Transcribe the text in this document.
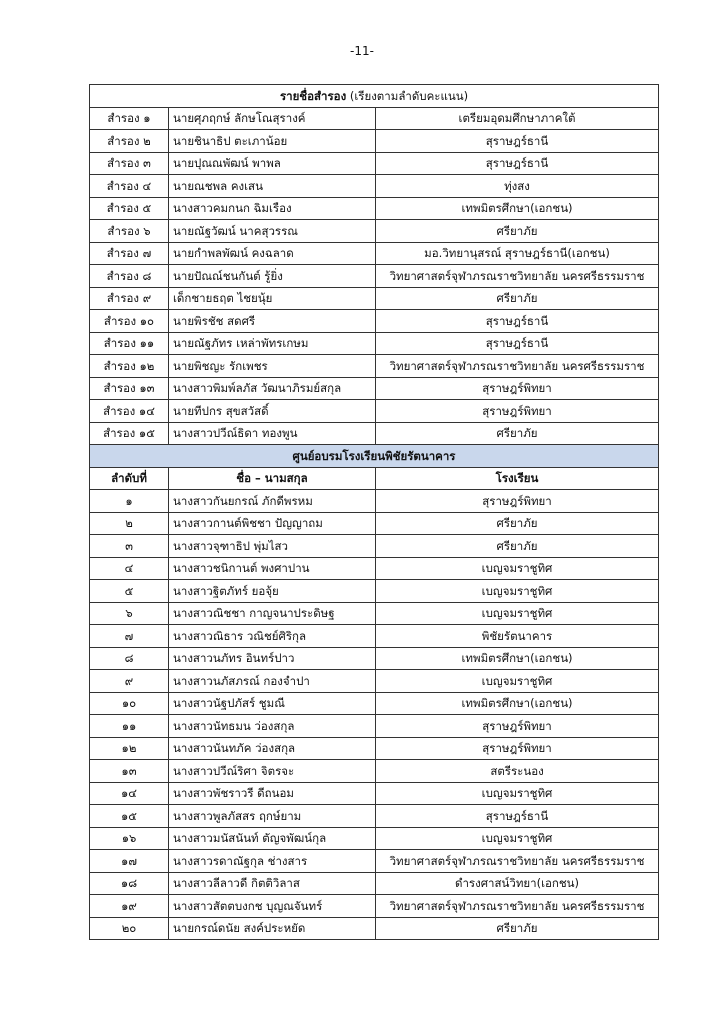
-11-
รายชื่อสำรอง (เรียงตามลำดับคะแนน)		
สำรอง ๑	นายศุภฤกษ์ ลักษโณสุรางค์	เตรียมอุดมศึกษาภาคใต้
สำรอง ๒	นายชินาธิป ตะเภาน้อย	สุราษฎร์ธานี
สำรอง ๓	นายปุณณพัฒน์ พาพล	สุราษฎร์ธานี
สำรอง ๔	นายณชพล คงเสน	ทุ่งสง
สำรอง ๕	นางสาวคมกนก ฉิมเรือง	เทพมิตรศึกษา(เอกชน)
สำรอง ๖	นายณัฐวัฒน์ นาคสุวรรณ	ศรียาภัย
สำรอง ๗	นายกำพลพัฒน์ คงฉลาด	มอ.วิทยานุสรณ์ สุราษฎร์ธานี(เอกชน)
สำรอง ๘	นายปัณณ์ชนกันต์ รู้ยิ่ง	วิทยาศาสตร์จุฬาภรณราชวิทยาลัย นครศรีธรรมราช
สำรอง ๙	เด็กชายธฤต ไชยนุ้ย	ศรียาภัย
สำรอง ๑๐	นายพิรชัช สดศรี	สุราษฎร์ธานี
สำรอง ๑๑	นายณัฐภัทร เหล่าพัทรเกษม	สุราษฎร์ธานี
สำรอง ๑๒	นายพิชญะ รักเพชร	วิทยาศาสตร์จุฬาภรณราชวิทยาลัย นครศรีธรรมราช
สำรอง ๑๓	นางสาวพิมพ์ลภัส วัฒนาภิรมย์สกุล	สุราษฎร์พิทยา
สำรอง ๑๔	นายทีปกร สุขสวัสดิ์	สุราษฎร์พิทยา
สำรอง ๑๕	นางสาวปวีณ์ธิดา ทองพูน	ศรียาภัย
ศูนย์อบรมโรงเรียนพิชัยรัตนาคาร		
ลำดับที่	ชื่อ – นามสกุล	โรงเรียน
๑	นางสาวกันยกรณ์ ภักดีพรหม	สุราษฎร์พิทยา
๒	นางสาวกานต์พิชชา ปัญญาถม	ศรียาภัย
๓	นางสาวจุฑาธิป พุ่มไสว	ศรียาภัย
๔	นางสาวชนิกานต์ พงศาปาน	เบญจมราชูทิศ
๕	นางสาวฐิตภัทร์ ยอจุ้ย	เบญจมราชูทิศ
๖	นางสาวณิชชา กาญจนาประดิษฐ	เบญจมราชูทิศ
๗	นางสาวณิธาร วณิชย์ศิริกุล	พิชัยรัตนาคาร
๘	นางสาวนภัทร อินทร์ปาว	เทพมิตรศึกษา(เอกชน)
๙	นางสาวนภัสภรณ์ กองจำปา	เบญจมราชูทิศ
๑๐	นางสาวนัฐปภัสร์ ชูมณี	เทพมิตรศึกษา(เอกชน)
๑๑	นางสาวนัทธมน ว่องสกุล	สุราษฎร์พิทยา
๑๒	นางสาวนันทภัค ว่องสกุล	สุราษฎร์พิทยา
๑๓	นางสาวปวีณ์ริศา จิตรจะ	สตรีระนอง
๑๔	นางสาวพัชราวรี ดีถนอม	เบญจมราชูทิศ
๑๕	นางสาวพูลภัสสร ฤกษ์ยาม	สุราษฎร์ธานี
๑๖	นางสาวมนัสนันท์ ตัญจพัฒน์กุล	เบญจมราชูทิศ
๑๗	นางสาวรดาณัฐกุล ช่างสาร	วิทยาศาสตร์จุฬาภรณราชวิทยาลัย นครศรีธรรมราช
๑๘	นางสาวลีลาวดี กิตติวิลาส	ดำรงศาสน์วิทยา(เอกชน)
๑๙	นางสาวสัตตบงกช บุญณจันทร์	วิทยาศาสตร์จุฬาภรณราชวิทยาลัย นครศรีธรรมราช
๒๐	นายกรณ์ดนัย สงค์ประหยัด	ศรียาภัย
